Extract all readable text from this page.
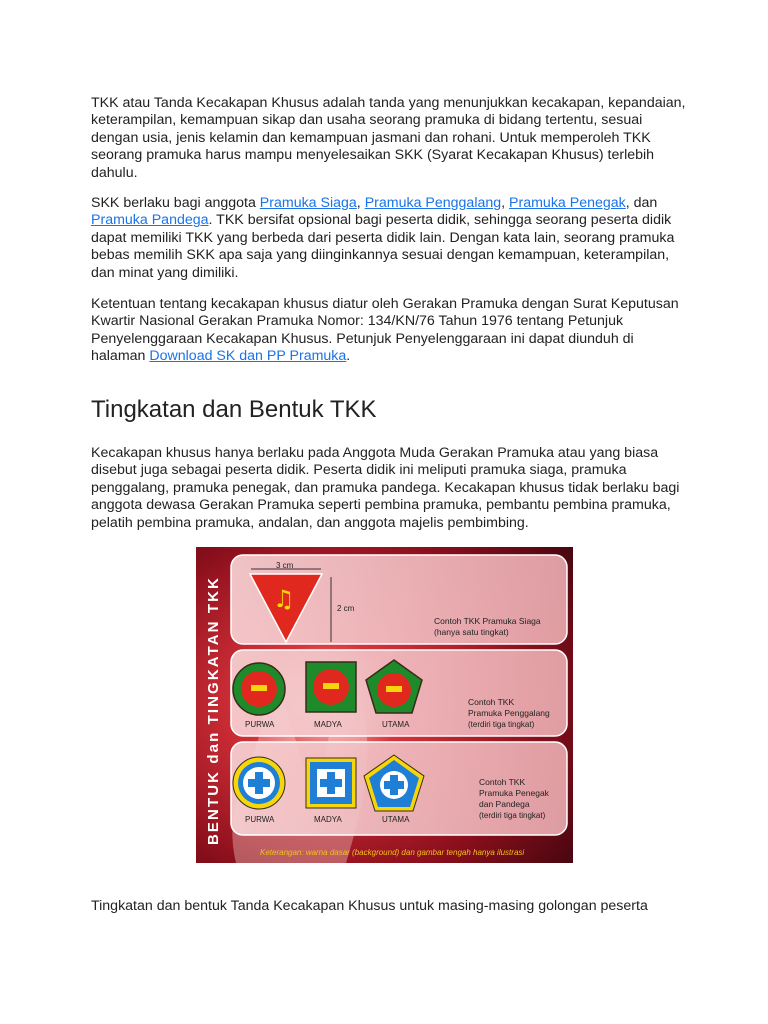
TKK atau Tanda Kecakapan Khusus adalah tanda yang menunjukkan kecakapan, kepandaian, keterampilan, kemampuan sikap dan usaha seorang pramuka di bidang tertentu, sesuai dengan usia, jenis kelamin dan kemampuan jasmani dan rohani. Untuk memperoleh TKK seorang pramuka harus mampu menyelesaikan SKK (Syarat Kecakapan Khusus) terlebih dahulu.

SKK berlaku bagi anggota Pramuka Siaga, Pramuka Penggalang, Pramuka Penegak, dan Pramuka Pandega. TKK bersifat opsional bagi peserta didik, sehingga seorang peserta didik dapat memiliki TKK yang berbeda dari peserta didik lain. Dengan kata lain, seorang pramuka bebas memilih SKK apa saja yang diinginkannya sesuai dengan kemampuan, keterampilan, dan minat yang dimiliki.

Ketentuan tentang kecakapan khusus diatur oleh Gerakan Pramuka dengan Surat Keputusan Kwartir Nasional Gerakan Pramuka Nomor: 134/KN/76 Tahun 1976 tentang Petunjuk Penyelenggaraan Kecakapan Khusus. Petunjuk Penyelenggaraan ini dapat diunduh di halaman Download SK dan PP Pramuka.

Tingkatan dan Bentuk TKK

Kecakapan khusus hanya berlaku pada Anggota Muda Gerakan Pramuka atau yang biasa disebut juga sebagai peserta didik. Peserta didik ini meliputi pramuka siaga, pramuka penggalang, pramuka penegak, dan pramuka pandega. Kecakapan khusus tidak berlaku bagi anggota dewasa Gerakan Pramuka seperti pembina pramuka, pembantu pembina pramuka, pelatih pembina pramuka, andalan, dan anggota majelis pembimbing.

Tingkatan dan bentuk Tanda Kecakapan Khusus untuk masing-masing golongan peserta

BENTUK dan TINGKATAN TKK
3 cm
♫	2 cm
Contoh TKK Pramuka Siaga
(hanya satu tingkat)
PURWA	MADYA	UTAMA
Contoh TKK
Pramuka Penggalang
(terdiri tiga tingkat)
PURWA	MADYA	UTAMA
Contoh TKK
Pramuka Penegak
dan Pandega
(terdiri tiga tingkat)
Keterangan: warna dasar (background) dan gambar tengah hanya ilustrasi
